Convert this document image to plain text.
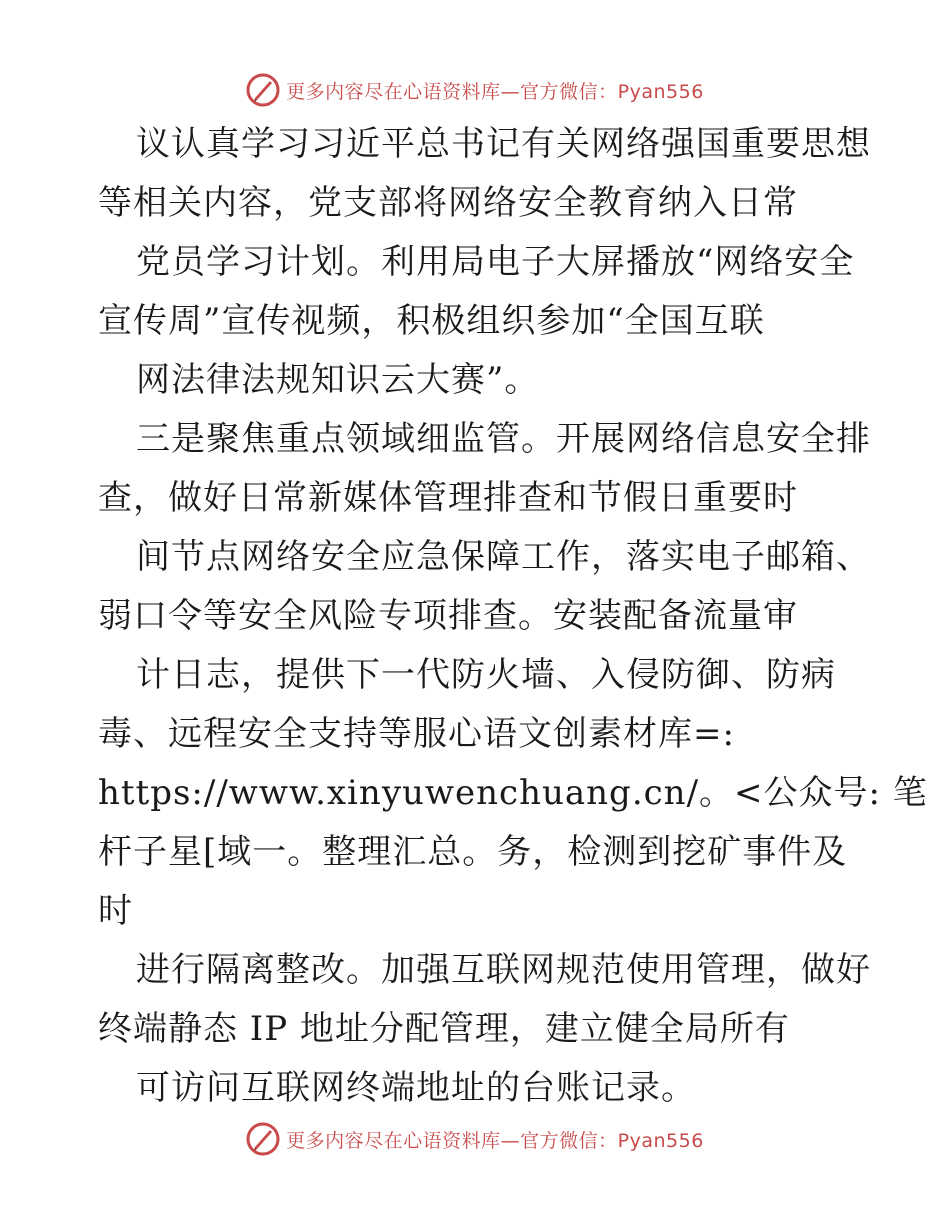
更多内容尽在心语资料库—官方微信：Pyan556
议认真学习习近平总书记有关网络强国重要思想
等相关内容，党支部将网络安全教育纳入日常
党员学习计划。利用局电子大屏播放“网络安全
宣传周”宣传视频，积极组织参加“全国互联
网法律法规知识云大赛”。
三是聚焦重点领域细监管。开展网络信息安全排
查，做好日常新媒体管理排查和节假日重要时
间节点网络安全应急保障工作，落实电子邮箱、
弱口令等安全风险专项排查。安装配备流量审
计日志，提供下一代防火墙、入侵防御、防病
毒、远程安全支持等服心语文创素材库=:
https://www.xinyuwenchuang.cn/。<公众号: 笔
杆子星[域一。整理汇总。务，检测到挖矿事件及
时
进行隔离整改。加强互联网规范使用管理，做好
终端静态 IP 地址分配管理，建立健全局所有
可访问互联网终端地址的台账记录。
更多内容尽在心语资料库—官方微信：Pyan556
